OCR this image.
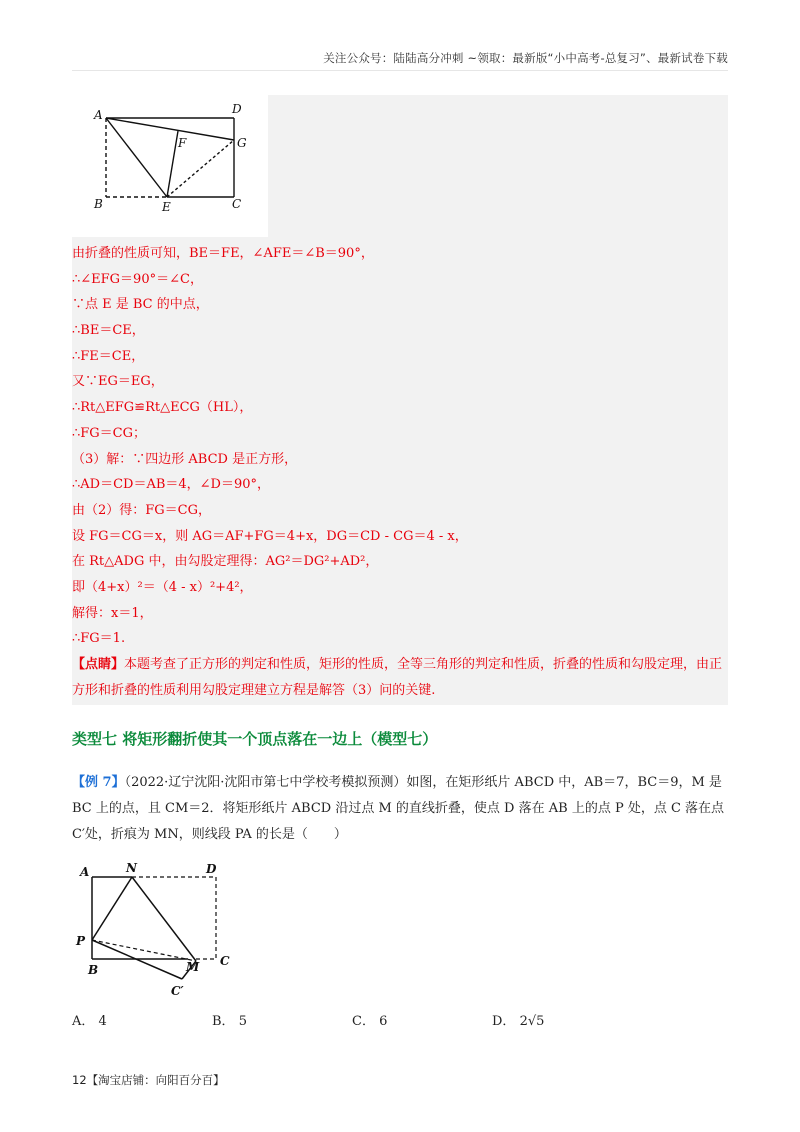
关注公众号：陆陆高分冲刺 ~领取：最新版“小中高考-总复习”、最新试卷下载
A	D
F	G
B	E	C
由折叠的性质可知，BE＝FE，∠AFE＝∠B＝90°，
∴∠EFG＝90°＝∠C，
∵点 E 是 BC 的中点，
∴BE＝CE，
∴FE＝CE，
又∵EG＝EG，
∴Rt△EFG≌Rt△ECG（HL），
∴FG＝CG；
（3）解：∵四边形 ABCD 是正方形，
∴AD＝CD＝AB＝4，∠D＝90°，
由（2）得：FG＝CG，
设 FG＝CG＝x，则 AG＝AF+FG＝4+x，DG＝CD - CG＝4 - x，
在 Rt△ADG 中，由勾股定理得：AG²＝DG²+AD²，
即（4+x）²＝（4 - x）²+4²，
解得：x＝1，
∴FG＝1.
【点睛】本题考查了正方形的判定和性质，矩形的性质，全等三角形的判定和性质，折叠的性质和勾股定理，由正方形和折叠的性质利用勾股定理建立方程是解答（3）问的关键.
类型七 将矩形翻折使其一个顶点落在一边上（模型七）
【例 7】（2022·辽宁沈阳·沈阳市第七中学校考模拟预测）如图，在矩形纸片 ABCD 中，AB＝7，BC＝9，M 是 BC 上的点，且 CM＝2．将矩形纸片 ABCD 沿过点 M 的直线折叠，使点 D 落在 AB 上的点 P 处，点 C 落在点 C′处，折痕为 MN，则线段 PA 的长是（　　）
A	N	D
P
B	M C
C′
A． 4	B． 5	C． 6	D． 2√5
12【淘宝店铺：向阳百分百】
